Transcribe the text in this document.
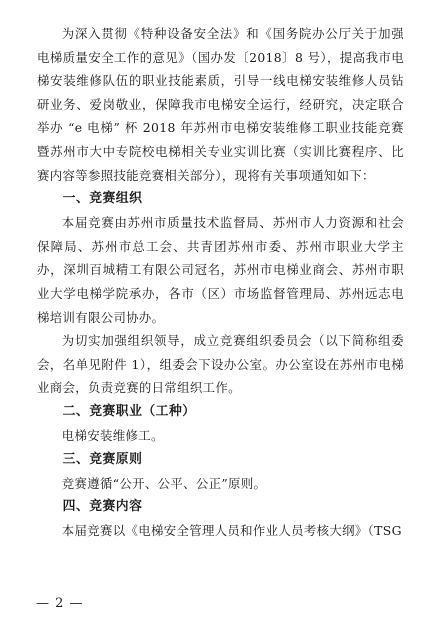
为深入贯彻《特种设备安全法》和《国务院办公厅关于加强电梯质量安全工作的意见》（国办发〔2018〕8 号），提高我市电梯安装维修队伍的职业技能素质，引导一线电梯安装维修人员钻研业务、爱岗敬业，保障我市电梯安全运行，经研究，决定联合举办 “e 电梯” 杯 2018 年苏州市电梯安装维修工职业技能竞赛暨苏州市大中专院校电梯相关专业实训比赛（实训比赛程序、比赛内容等参照技能竞赛相关部分），现将有关事项通知如下：

一、竞赛组织

本届竞赛由苏州市质量技术监督局、苏州市人力资源和社会保障局、苏州市总工会、共青团苏州市委、苏州市职业大学主办，深圳百城精工有限公司冠名，苏州市电梯业商会、苏州市职业大学电梯学院承办，各市（区）市场监督管理局、苏州远志电梯培训有限公司协办。

为切实加强组织领导，成立竞赛组织委员会（以下简称组委会，名单见附件 1），组委会下设办公室。办公室设在苏州市电梯业商会，负责竞赛的日常组织工作。

二、竞赛职业（工种）

电梯安装维修工。

三、竞赛原则

竞赛遵循“公开、公平、公正”原则。

四、竞赛内容

本届竞赛以《电梯安全管理人员和作业人员考核大纲》（TSG

— 2 —
